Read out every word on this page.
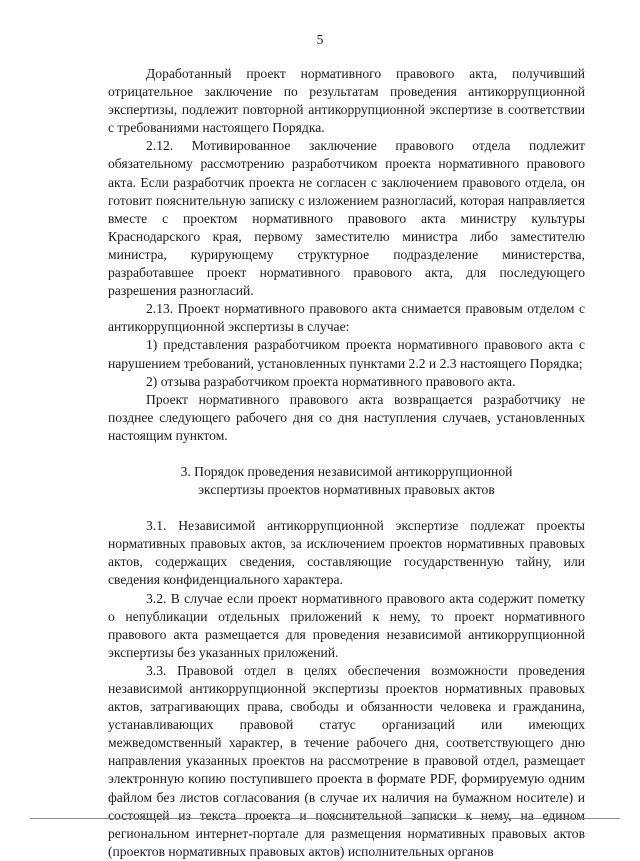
5

Доработанный проект нормативного правового акта, получивший отрицательное заключение по результатам проведения антикоррупционной экспертизы, подлежит повторной антикоррупционной экспертизе в соответствии с требованиями настоящего Порядка.

2.12. Мотивированное заключение правового отдела подлежит обязательному рассмотрению разработчиком проекта нормативного правового акта. Если разработчик проекта не согласен с заключением правового отдела, он готовит пояснительную записку с изложением разногласий, которая направляется вместе с проектом нормативного правового акта министру культуры Краснодарского края, первому заместителю министра либо заместителю министра, курирующему структурное подразделение министерства, разработавшее проект нормативного правового акта, для последующего разрешения разногласий.

2.13. Проект нормативного правового акта снимается правовым отделом с антикоррупционной экспертизы в случае:

1) представления разработчиком проекта нормативного правового акта с нарушением требований, установленных пунктами 2.2 и 2.3 настоящего Порядка;

2) отзыва разработчиком проекта нормативного правового акта.

Проект нормативного правового акта возвращается разработчику не позднее следующего рабочего дня со дня наступления случаев, установленных настоящим пунктом.

3. Порядок проведения независимой антикоррупционной
экспертизы проектов нормативных правовых актов

3.1. Независимой антикоррупционной экспертизе подлежат проекты нормативных правовых актов, за исключением проектов нормативных правовых актов, содержащих сведения, составляющие государственную тайну, или сведения конфиденциального характера.

3.2. В случае если проект нормативного правового акта содержит пометку о непубликации отдельных приложений к нему, то проект нормативного правового акта размещается для проведения независимой антикоррупционной экспертизы без указанных приложений.

3.3. Правовой отдел в целях обеспечения возможности проведения независимой антикоррупционной экспертизы проектов нормативных правовых актов, затрагивающих права, свободы и обязанности человека и гражданина, устанавливающих правовой статус организаций или имеющих межведомственный характер, в течение рабочего дня, соответствующего дню направления указанных проектов на рассмотрение в правовой отдел, размещает электронную копию поступившего проекта в формате PDF, формируемую одним файлом без листов согласования (в случае их наличия на бумажном носителе) и состоящей из текста проекта и пояснительной записки к нему, на едином региональном интернет-портале для размещения нормативных правовых актов (проектов нормативных правовых актов) исполнительных органов
